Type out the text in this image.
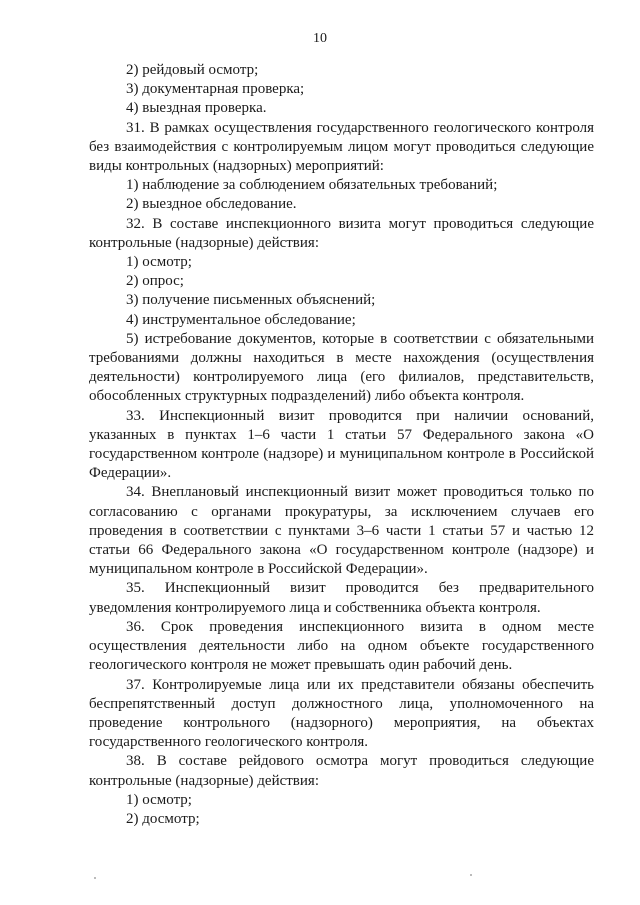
10

2) рейдовый осмотр;

3) документарная проверка;

4) выездная проверка.

31. В рамках осуществления государственного геологического контроля без взаимодействия с контролируемым лицом могут проводиться следующие виды контрольных (надзорных) мероприятий:

1) наблюдение за соблюдением обязательных требований;

2) выездное обследование.

32. В составе инспекционного визита могут проводиться следующие контрольные (надзорные) действия:

1) осмотр;

2) опрос;

3) получение письменных объяснений;

4) инструментальное обследование;

5) истребование документов, которые в соответствии с обязательными требованиями должны находиться в месте нахождения (осуществления деятельности) контролируемого лица (его филиалов, представительств, обособленных структурных подразделений) либо объекта контроля.

33. Инспекционный визит проводится при наличии оснований, указанных в пунктах 1–6 части 1 статьи 57 Федерального закона «О государственном контроле (надзоре) и муниципальном контроле в Российской Федерации».

34. Внеплановый инспекционный визит может проводиться только по согласованию с органами прокуратуры, за исключением случаев его проведения в соответствии с пунктами 3–6 части 1 статьи 57 и частью 12 статьи 66 Федерального закона «О государственном контроле (надзоре) и муниципальном контроле в Российской Федерации».

35. Инспекционный визит проводится без предварительного уведомления контролируемого лица и собственника объекта контроля.

36. Срок проведения инспекционного визита в одном месте осуществления деятельности либо на одном объекте государственного геологического контроля не может превышать один рабочий день.

37. Контролируемые лица или их представители обязаны обеспечить беспрепятственный доступ должностного лица, уполномоченного на проведение контрольного (надзорного) мероприятия, на объектах государственного геологического контроля.

38. В составе рейдового осмотра могут проводиться следующие контрольные (надзорные) действия:

1) осмотр;

2) досмотр;
